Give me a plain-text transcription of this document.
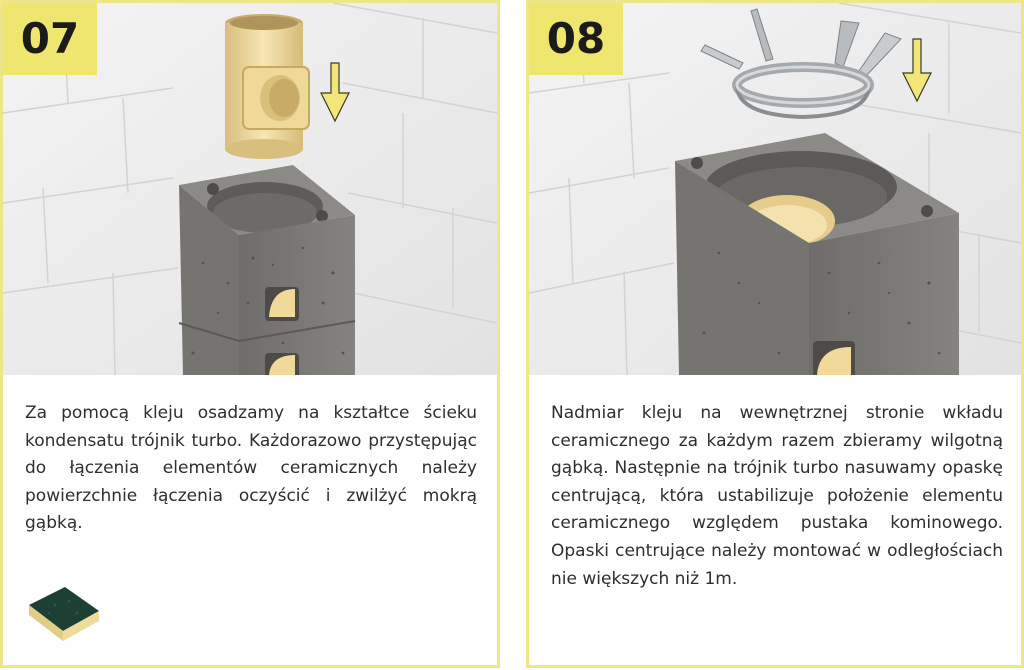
07

Za pomocą kleju osadzamy na kształtce ścieku kondensatu trójnik turbo. Każdorazowo przystępując do łączenia elementów ceramicznych należy powierzchnie łączenia oczyścić i zwilżyć mokrą gąbką.

08

Nadmiar kleju na wewnętrznej stronie wkładu ceramicznego za każdym razem zbieramy wilgotną gąbką. Następnie na trójnik turbo nasuwamy opaskę centrującą, która ustabilizuje położenie elementu ceramicznego względem pustaka kominowego. Opaski centrujące należy montować w odległościach nie większych niż 1m.
